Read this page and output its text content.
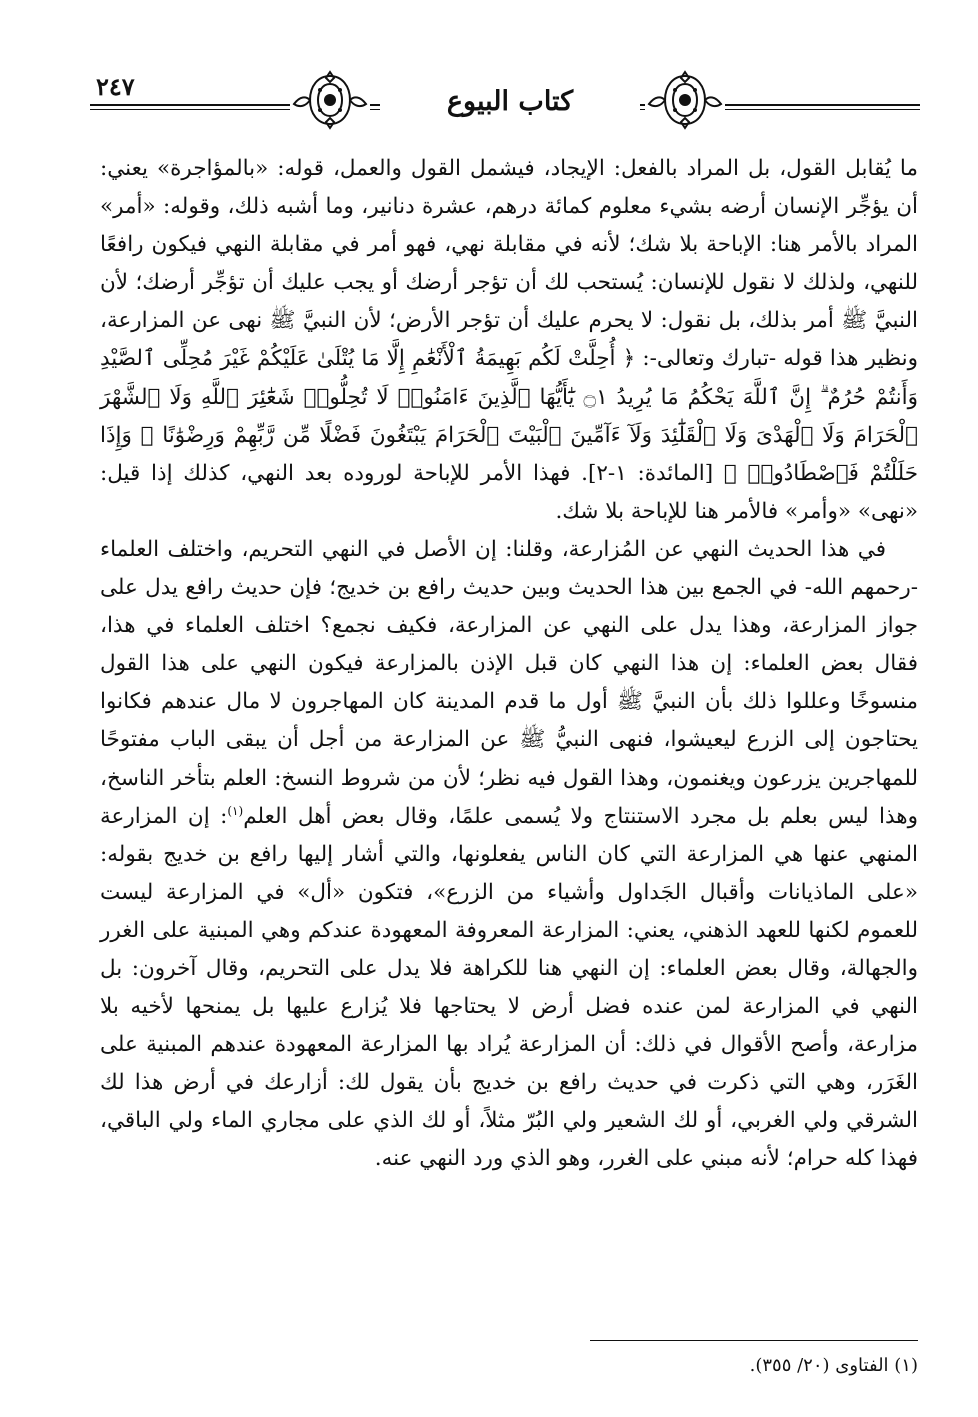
٢٤٧	كتاب البيوع

ما يُقابل القول، بل المراد بالفعل: الإيجاد، فيشمل القول والعمل، قوله: «بالمؤاجرة» يعني: أن يؤجِّر الإنسان أرضه بشيء معلوم كمائة درهم، عشرة دنانير، وما أشبه ذلك، وقوله: «أمر» المراد بالأمر هنا: الإباحة بلا شك؛ لأنه في مقابلة نهي، فهو أمر في مقابلة النهي فيكون رافعًا للنهي، ولذلك لا نقول للإنسان: يُستحب لك أن تؤجر أرضك أو يجب عليك أن تؤجِّر أرضك؛ لأن النبيَّ ﷺ أمر بذلك، بل نقول: لا يحرم عليك أن تؤجر الأرض؛ لأن النبيَّ ﷺ نهى عن المزارعة، ونظير هذا قوله -تبارك وتعالى-: ﴿ أُحِلَّتْ لَكُم بَهِيمَةُ ٱلْأَنْعَٰمِ إِلَّا مَا يُتْلَىٰ عَلَيْكُمْ غَيْرَ مُحِلِّى ٱلصَّيْدِ وَأَنتُمْ حُرُمٌ ۗ إِنَّ ٱللَّهَ يَحْكُمُ مَا يُرِيدُ ۝١ يَٰٓأَيُّهَا ٱلَّذِينَ ءَامَنُوا۟ لَا تُحِلُّوا۟ شَعَٰٓئِرَ ٱللَّهِ وَلَا ٱلشَّهْرَ ٱلْحَرَامَ وَلَا ٱلْهَدْىَ وَلَا ٱلْقَلَٰٓئِدَ وَلَآ ءَآمِّينَ ٱلْبَيْتَ ٱلْحَرَامَ يَبْتَغُونَ فَضْلًا مِّن رَّبِّهِمْ وَرِضْوَٰنًا ۚ وَإِذَا حَلَلْتُمْ فَٱصْطَادُوا۟ ﴾ [المائدة: ١-٢]. فهذا الأمر للإباحة لوروده بعد النهي، كذلك إذا قيل: «نهى» «وأمر» فالأمر هنا للإباحة بلا شك.

في هذا الحديث النهي عن المُزارعة، وقلنا: إن الأصل في النهي التحريم، واختلف العلماء -رحمهم الله- في الجمع بين هذا الحديث وبين حديث رافع بن خديج؛ فإن حديث رافع يدل على جواز المزارعة، وهذا يدل على النهي عن المزارعة، فكيف نجمع؟ اختلف العلماء في هذا، فقال بعض العلماء: إن هذا النهي كان قبل الإذن بالمزارعة فيكون النهي على هذا القول منسوخًا وعللوا ذلك بأن النبيَّ ﷺ أول ما قدم المدينة كان المهاجرون لا مال عندهم فكانوا يحتاجون إلى الزرع ليعيشوا، فنهى النبيُّ ﷺ عن المزارعة من أجل أن يبقى الباب مفتوحًا للمهاجرين يزرعون ويغنمون، وهذا القول فيه نظر؛ لأن من شروط النسخ: العلم بتأخر الناسخ، وهذا ليس بعلم بل مجرد الاستنتاج ولا يُسمى علمًا، وقال بعض أهل العلم$^{(١)}$: إن المزارعة المنهي عنها هي المزارعة التي كان الناس يفعلونها، والتي أشار إليها رافع بن خديج بقوله: «على الماذيانات وأقبال الجَداول وأشياء من الزرع»، فتكون «أل» في المزارعة ليست للعموم لكنها للعهد الذهني، يعني: المزارعة المعروفة المعهودة عندكم وهي المبنية على الغرر والجهالة، وقال بعض العلماء: إن النهي هنا للكراهة فلا يدل على التحريم، وقال آخرون: بل النهي في المزارعة لمن عنده فضل أرض لا يحتاجها فلا يُزارع عليها بل يمنحها لأخيه بلا مزارعة، وأصح الأقوال في ذلك: أن المزارعة يُراد بها المزارعة المعهودة عندهم المبنية على الغَرَر، وهي التي ذكرت في حديث رافع بن خديج بأن يقول لك: أزارعك في أرض هذا لك الشرقي ولي الغربي، أو لك الشعير ولي البُرّ مثلاً، أو لك الذي على مجاري الماء ولي الباقي، فهذا كله حرام؛ لأنه مبني على الغرر، وهو الذي ورد النهي عنه.

(١) الفتاوى (٢٠/ ٣٥٥).
